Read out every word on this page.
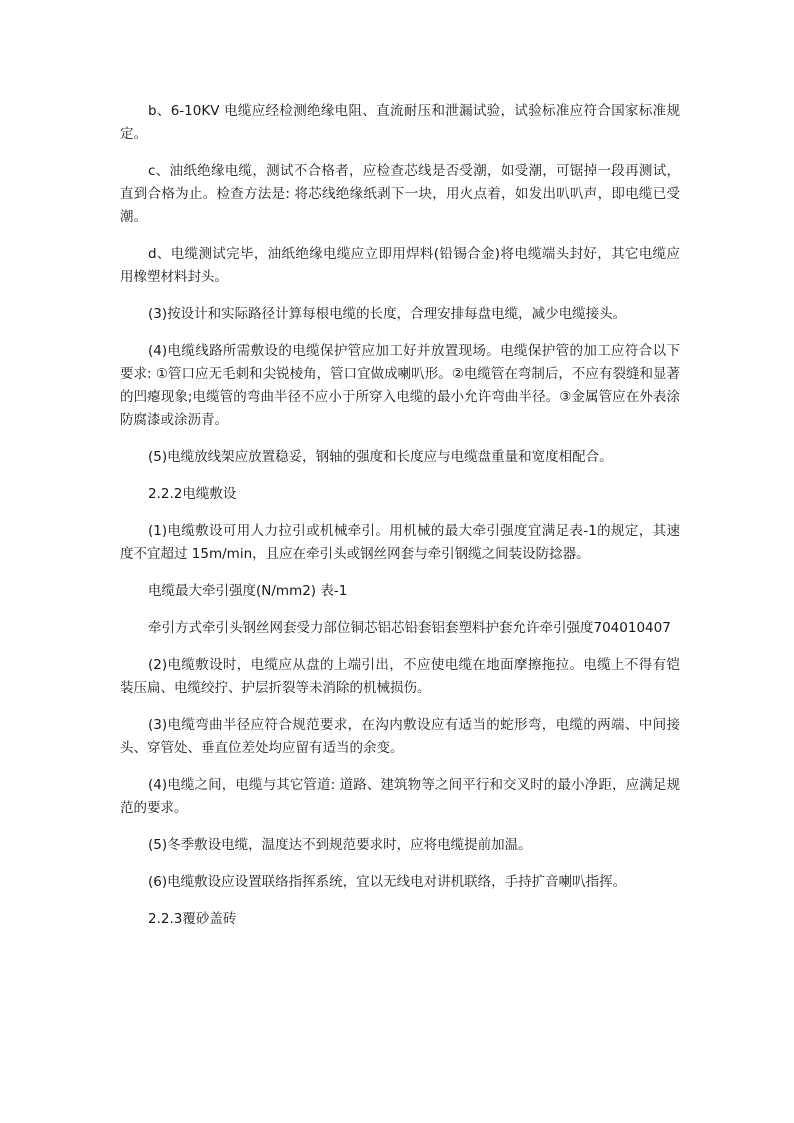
b、6-10KV 电缆应经检测绝缘电阻、直流耐压和泄漏试验，试验标准应符合国家标准规定。

c、油纸绝缘电缆，测试不合格者，应检查芯线是否受潮，如受潮，可锯掉一段再测试，直到合格为止。检查方法是: 将芯线绝缘纸剥下一块，用火点着，如发出叭叭声，即电缆已受潮。

d、电缆测试完毕，油纸绝缘电缆应立即用焊料(铅锡合金)将电缆端头封好，其它电缆应用橡塑材料封头。

(3)按设计和实际路径计算每根电缆的长度，合理安排每盘电缆，减少电缆接头。

(4)电缆线路所需敷设的电缆保护管应加工好并放置现场。电缆保护管的加工应符合以下要求: ①管口应无毛刺和尖锐棱角，管口宜做成喇叭形。②电缆管在弯制后，不应有裂缝和显著的凹瘪现象;电缆管的弯曲半径不应小于所穿入电缆的最小允许弯曲半径。③金属管应在外表涂防腐漆或涂沥青。

(5)电缆放线架应放置稳妥，钢轴的强度和长度应与电缆盘重量和宽度相配合。

2.2.2电缆敷设

(1)电缆敷设可用人力拉引或机械牵引。用机械的最大牵引强度宜满足表-1的规定，其速度不宜超过 15m/min，且应在牵引头或钢丝网套与牵引钢缆之间装设防捻器。

电缆最大牵引强度(N/mm2) 表-1

牵引方式牵引头钢丝网套受力部位铜芯铝芯铅套铝套塑料护套允许牵引强度704010407

(2)电缆敷设时，电缆应从盘的上端引出，不应使电缆在地面摩擦拖拉。电缆上不得有铠装压扁、电缆绞拧、护层折裂等未消除的机械损伤。

(3)电缆弯曲半径应符合规范要求，在沟内敷设应有适当的蛇形弯，电缆的两端、中间接头、穿管处、垂直位差处均应留有适当的余变。

(4)电缆之间，电缆与其它管道: 道路、建筑物等之间平行和交叉时的最小净距，应满足规范的要求。

(5)冬季敷设电缆，温度达不到规范要求时，应将电缆提前加温。

(6)电缆敷设应设置联络指挥系统，宜以无线电对讲机联络，手持扩音喇叭指挥。

2.2.3覆砂盖砖
